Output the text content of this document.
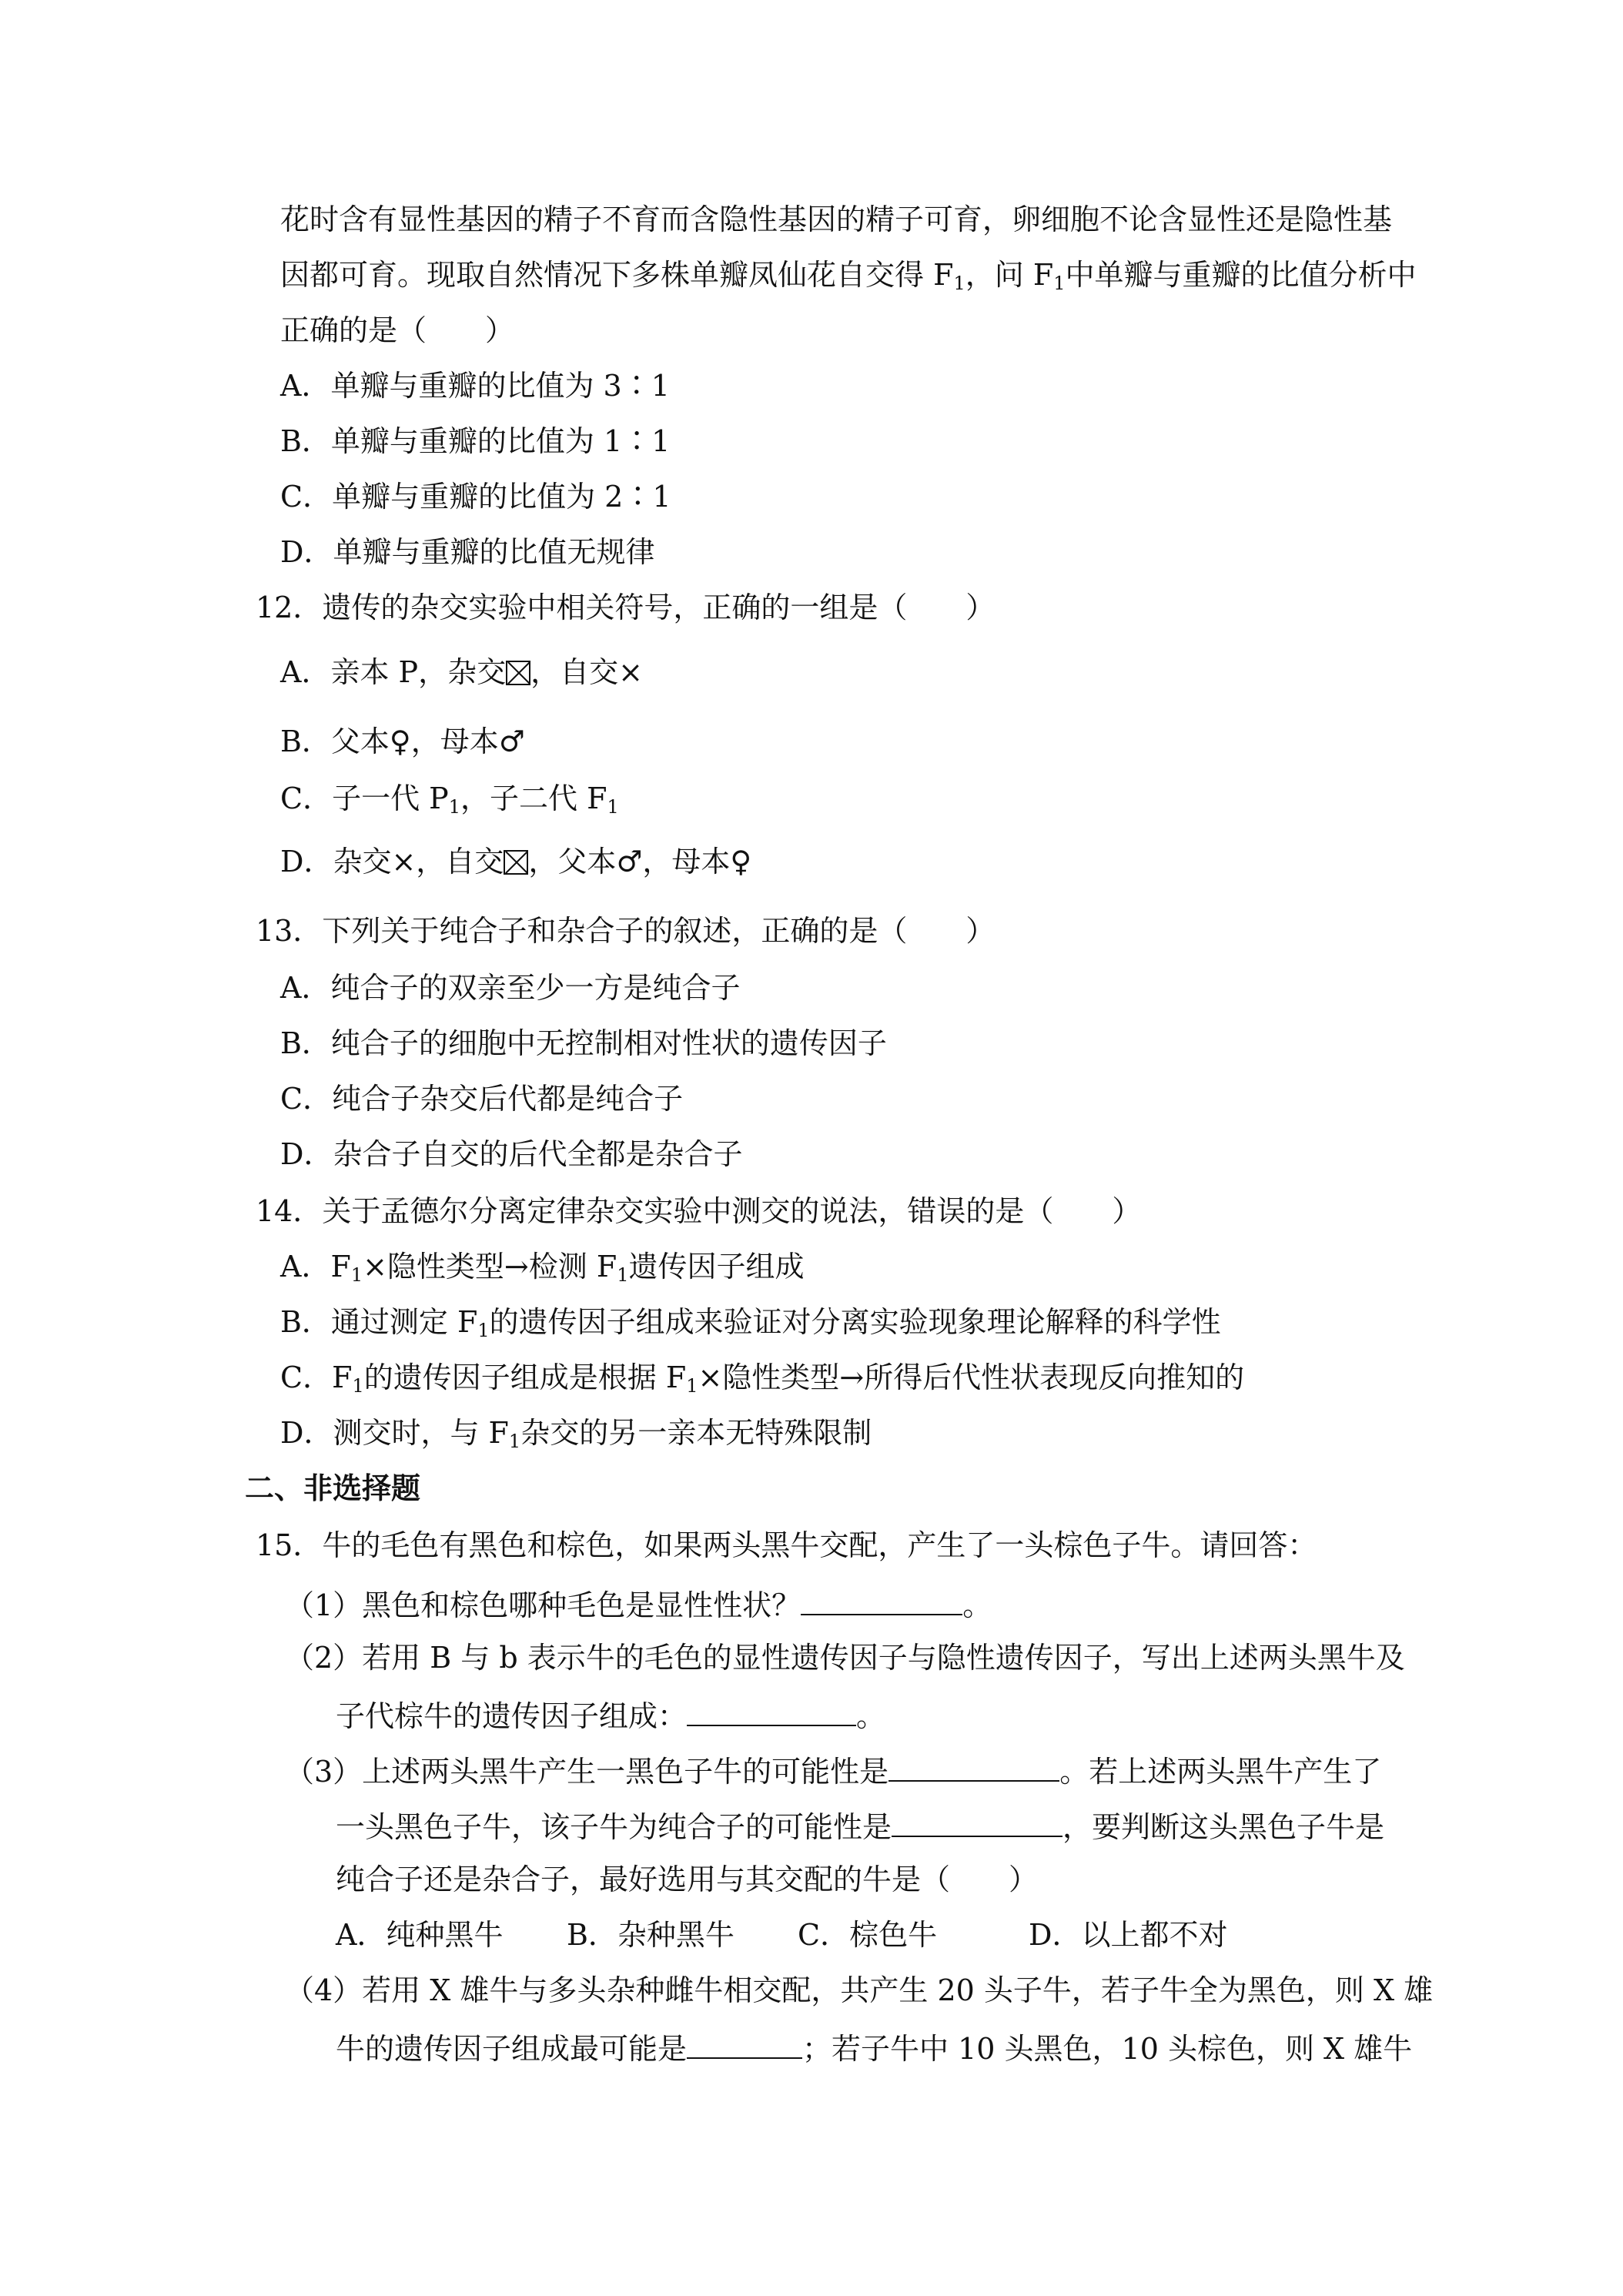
花时含有显性基因的精子不育而含隐性基因的精子可育，卵细胞不论含显性还是隐性基
因都可育。现取自然情况下多株单瓣凤仙花自交得 $F_1$，问 $F_1$中单瓣与重瓣的比值分析中
正确的是（　　）
A．单瓣与重瓣的比值为 3∶1
B．单瓣与重瓣的比值为 1∶1
C．单瓣与重瓣的比值为 2∶1
D．单瓣与重瓣的比值无规律
12．遗传的杂交实验中相关符号，正确的一组是（　　）
A．亲本 P，杂交 ，自交×
B．父本♀，母本♂
C．子一代 $P_1$，子二代 $F_1$
D．杂交×，自交 ，父本♂，母本♀
13．下列关于纯合子和杂合子的叙述，正确的是（　　）
A．纯合子的双亲至少一方是纯合子
B．纯合子的细胞中无控制相对性状的遗传因子
C．纯合子杂交后代都是纯合子
D．杂合子自交的后代全都是杂合子
14．关于孟德尔分离定律杂交实验中测交的说法，错误的是（　　）
A．$F_1\times$隐性类型→检测 $F_1$遗传因子组成
B．通过测定 $F_1$的遗传因子组成来验证对分离实验现象理论解释的科学性
C．$F_1$的遗传因子组成是根据 $F_1\times$隐性类型→所得后代性状表现反向推知的
D．测交时，与 $F_1$杂交的另一亲本无特殊限制
二、非选择题
15．牛的毛色有黑色和棕色，如果两头黑牛交配，产生了一头棕色子牛。请回答：
（1）黑色和棕色哪种毛色是显性性状？	。
（2）若用 B 与 b 表示牛的毛色的显性遗传因子与隐性遗传因子，写出上述两头黑牛及
子代棕牛的遗传因子组成：	。
（3）上述两头黑牛产生一黑色子牛的可能性是	。若上述两头黑牛产生了
一头黑色子牛，该子牛为纯合子的可能性是	，要判断这头黑色子牛是
纯合子还是杂合子，最好选用与其交配的牛是（　　）
A．纯种黑牛 B．杂种黑牛 C．棕色牛	D．以上都不对
（4）若用 X 雄牛与多头杂种雌牛相交配，共产生 20 头子牛，若子牛全为黑色，则 X 雄
牛的遗传因子组成最可能是	；若子牛中 10 头黑色，10 头棕色，则 X 雄牛
